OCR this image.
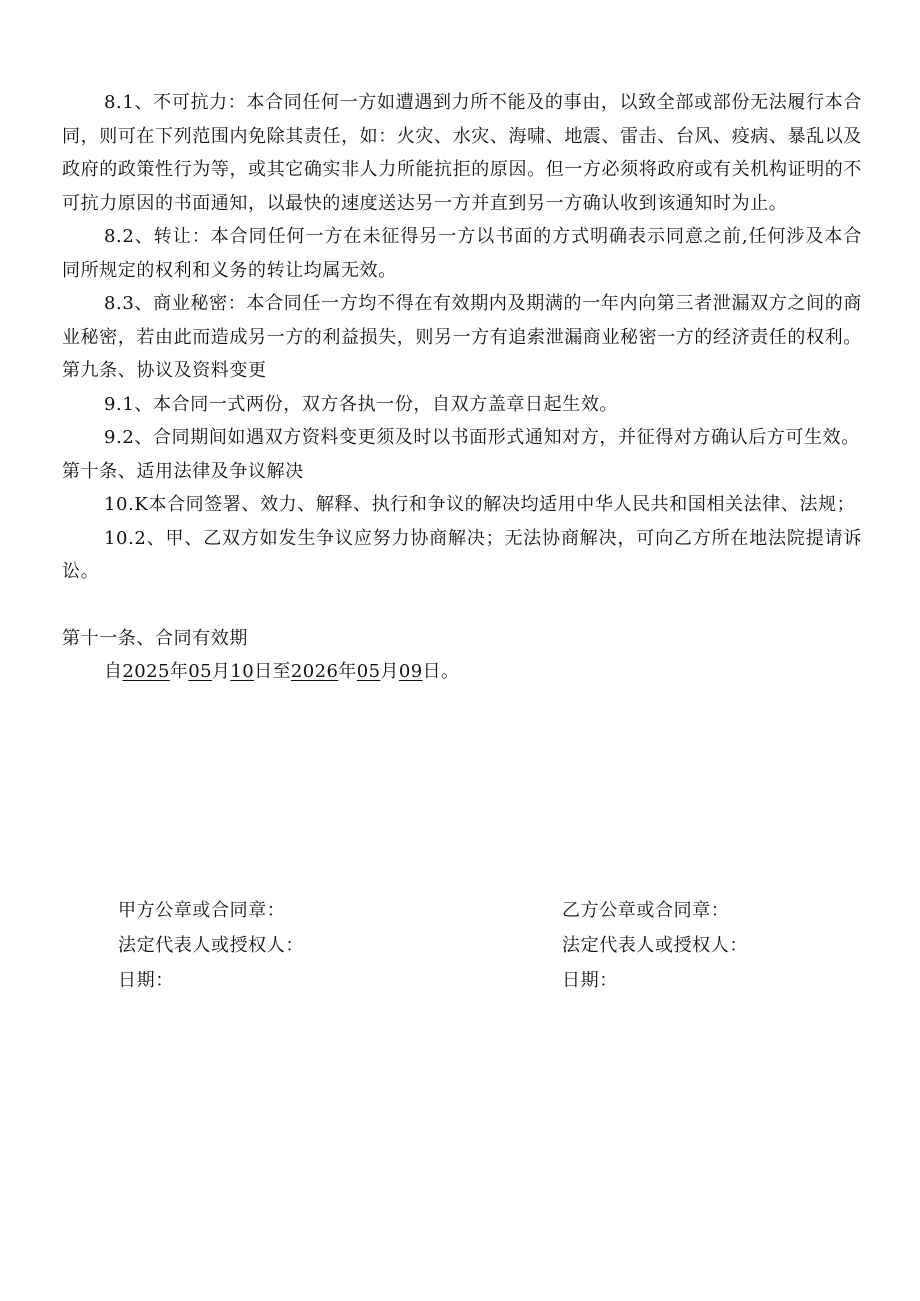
8.1、不可抗力：本合同任何一方如遭遇到力所不能及的事由，以致全部或部份无法履行本合同，则可在下列范围内免除其责任，如：火灾、水灾、海啸、地震、雷击、台风、疫病、暴乱以及政府的政策性行为等，或其它确实非人力所能抗拒的原因。但一方必须将政府或有关机构证明的不可抗力原因的书面通知，以最快的速度送达另一方并直到另一方确认收到该通知时为止。

8.2、转让：本合同任何一方在未征得另一方以书面的方式明确表示同意之前,任何涉及本合同所规定的权利和义务的转让均属无效。

8.3、商业秘密：本合同任一方均不得在有效期内及期满的一年内向第三者泄漏双方之间的商业秘密，若由此而造成另一方的利益损失，则另一方有追索泄漏商业秘密一方的经济责任的权利。

第九条、协议及资料变更

9.1、本合同一式两份，双方各执一份，自双方盖章日起生效。

9.2、合同期间如遇双方资料变更须及时以书面形式通知对方，并征得对方确认后方可生效。

第十条、适用法律及争议解决

10.K本合同签署、效力、解释、执行和争议的解决均适用中华人民共和国相关法律、法规；

10.2、甲、乙双方如发生争议应努力协商解决；无法协商解决，可向乙方所在地法院提请诉讼。

第十一条、合同有效期

自2025年05月10日至2026年05月09日。

甲方公章或合同章：
法定代表人或授权人：
日期：
乙方公章或合同章：
法定代表人或授权人：
日期：
